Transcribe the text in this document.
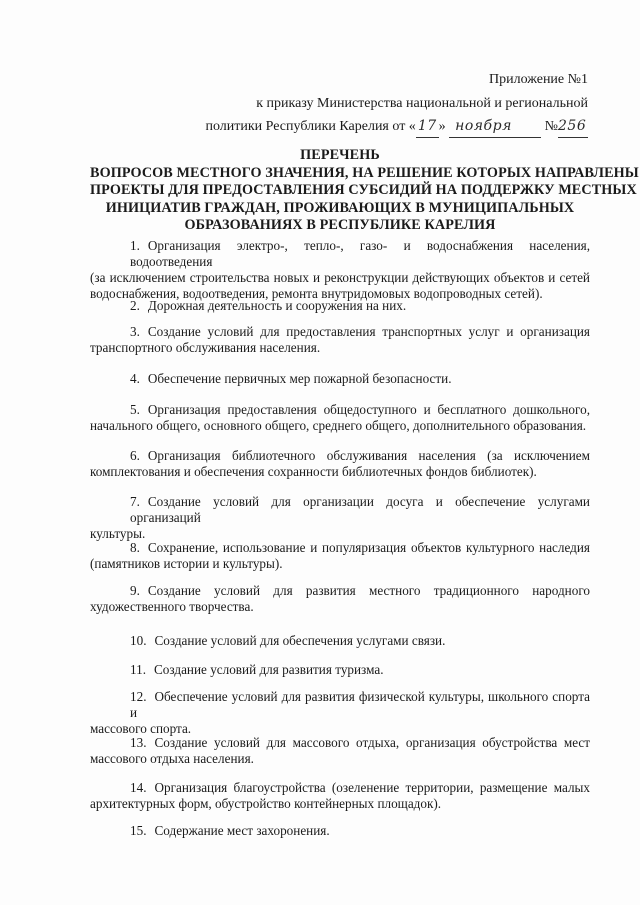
Приложение №1
к приказу Министерства национальной и региональной
политики Республики Карелия от « 17 » ноября №256
ПЕРЕЧЕНЬ
ВОПРОСОВ МЕСТНОГО ЗНАЧЕНИЯ, НА РЕШЕНИЕ КОТОРЫХ НАПРАВЛЕНЫ
ПРОЕКТЫ ДЛЯ ПРЕДОСТАВЛЕНИЯ СУБСИДИЙ НА ПОДДЕРЖКУ МЕСТНЫХ
ИНИЦИАТИВ ГРАЖДАН, ПРОЖИВАЮЩИХ В МУНИЦИПАЛЬНЫХ
ОБРАЗОВАНИЯХ В РЕСПУБЛИКЕ КАРЕЛИЯ
1. Организация электро-, тепло-, газо- и водоснабжения населения, водоотведения
(за исключением строительства новых и реконструкции действующих объектов и сетей
водоснабжения, водоотведения, ремонта внутридомовых водопроводных сетей).
2. Дорожная деятельность и сооружения на них.
3. Создание условий для предоставления транспортных услуг и организация
транспортного обслуживания населения.
4. Обеспечение первичных мер пожарной безопасности.
5. Организация предоставления общедоступного и бесплатного дошкольного,
начального общего, основного общего, среднего общего, дополнительного образования.
6. Организация библиотечного обслуживания населения (за исключением
комплектования и обеспечения сохранности библиотечных фондов библиотек).
7. Создание условий для организации досуга и обеспечение услугами организаций
культуры.
8. Сохранение, использование и популяризация объектов культурного наследия
(памятников истории и культуры).
9. Создание условий для развития местного традиционного народного
художественного творчества.
10. Создание условий для обеспечения услугами связи.
11. Создание условий для развития туризма.
12. Обеспечение условий для развития физической культуры, школьного спорта и
массового спорта.
13. Создание условий для массового отдыха, организация обустройства мест
массового отдыха населения.
14. Организация благоустройства (озеленение территории, размещение малых
архитектурных форм, обустройство контейнерных площадок).
15. Содержание мест захоронения.
